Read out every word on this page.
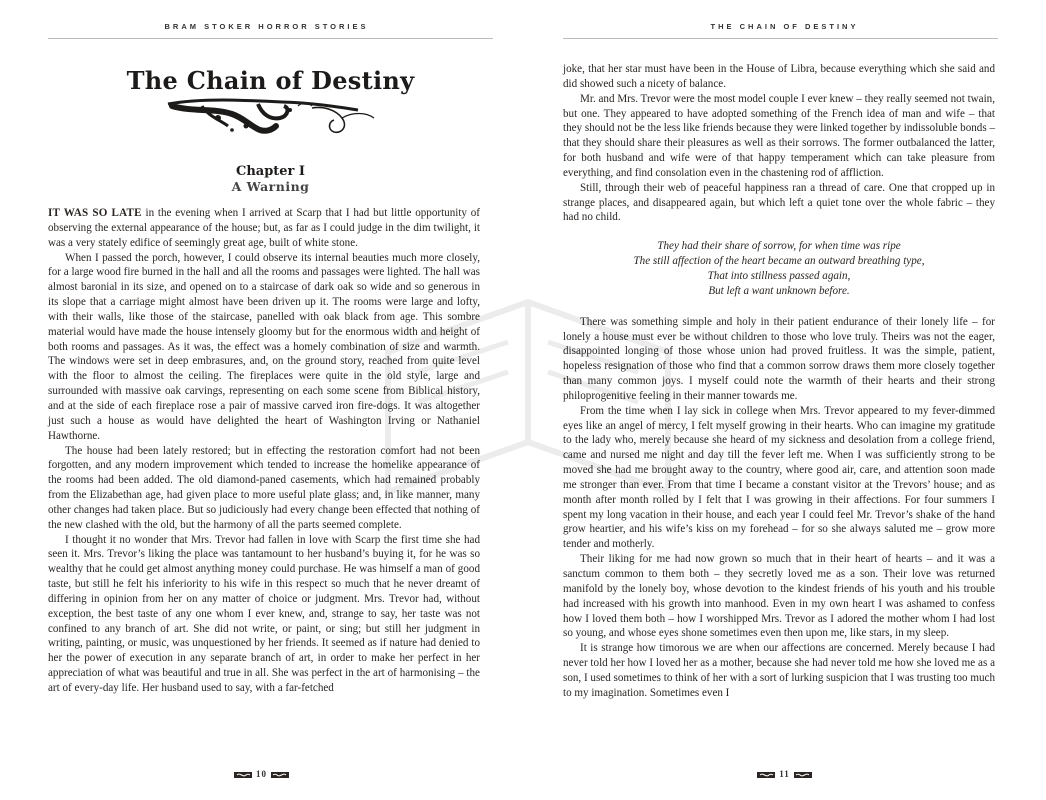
BRAM STOKER HORROR STORIES
The Chain of Destiny
Chapter I
A Warning

IT WAS SO LATE in the evening when I arrived at Scarp that I had but little opportunity of observing the external appearance of the house; but, as far as I could judge in the dim twilight, it was a very stately edifice of seemingly great age, built of white stone.

When I passed the porch, however, I could observe its internal beauties much more closely, for a large wood fire burned in the hall and all the rooms and passages were lighted. The hall was almost baronial in its size, and opened on to a staircase of dark oak so wide and so generous in its slope that a carriage might almost have been driven up it. The rooms were large and lofty, with their walls, like those of the staircase, panelled with oak black from age. This sombre material would have made the house intensely gloomy but for the enormous width and height of both rooms and passages. As it was, the effect was a homely combination of size and warmth. The windows were set in deep embrasures, and, on the ground story, reached from quite level with the floor to almost the ceiling. The fireplaces were quite in the old style, large and surrounded with massive oak carvings, representing on each some scene from Biblical history, and at the side of each fireplace rose a pair of massive carved iron fire-dogs. It was altogether just such a house as would have delighted the heart of Washington Irving or Nathaniel Hawthorne.

The house had been lately restored; but in effecting the restoration comfort had not been forgotten, and any modern improvement which tended to increase the homelike appearance of the rooms had been added. The old diamond-paned casements, which had remained probably from the Elizabethan age, had given place to more useful plate glass; and, in like manner, many other changes had taken place. But so judiciously had every change been effected that nothing of the new clashed with the old, but the harmony of all the parts seemed complete.

I thought it no wonder that Mrs. Trevor had fallen in love with Scarp the first time she had seen it. Mrs. Trevor’s liking the place was tantamount to her husband’s buying it, for he was so wealthy that he could get almost anything money could purchase. He was himself a man of good taste, but still he felt his inferiority to his wife in this respect so much that he never dreamt of differing in opinion from her on any matter of choice or judgment. Mrs. Trevor had, without exception, the best taste of any one whom I ever knew, and, strange to say, her taste was not confined to any branch of art. She did not write, or paint, or sing; but still her judgment in writing, painting, or music, was unquestioned by her friends. It seemed as if nature had denied to her the power of execution in any separate branch of art, in order to make her perfect in her appreciation of what was beautiful and true in all. She was perfect in the art of harmonising – the art of every-day life. Her husband used to say, with a far-fetched

10
THE CHAIN OF DESTINY

joke, that her star must have been in the House of Libra, because everything which she said and did showed such a nicety of balance.

Mr. and Mrs. Trevor were the most model couple I ever knew – they really seemed not twain, but one. They appeared to have adopted something of the French idea of man and wife – that they should not be the less like friends because they were linked together by indissoluble bonds – that they should share their pleasures as well as their sorrows. The former outbalanced the latter, for both husband and wife were of that happy temperament which can take pleasure from everything, and find consolation even in the chastening rod of affliction.

Still, through their web of peaceful happiness ran a thread of care. One that cropped up in strange places, and disappeared again, but which left a quiet tone over the whole fabric – they had no child.

They had their share of sorrow, for when time was ripe
The still affection of the heart became an outward breathing type,
That into stillness passed again,
But left a want unknown before.

There was something simple and holy in their patient endurance of their lonely life – for lonely a house must ever be without children to those who love truly. Theirs was not the eager, disappointed longing of those whose union had proved fruitless. It was the simple, patient, hopeless resignation of those who find that a common sorrow draws them more closely together than many common joys. I myself could note the warmth of their hearts and their strong philoprogenitive feeling in their manner towards me.

From the time when I lay sick in college when Mrs. Trevor appeared to my fever-dimmed eyes like an angel of mercy, I felt myself growing in their hearts. Who can imagine my gratitude to the lady who, merely because she heard of my sickness and desolation from a college friend, came and nursed me night and day till the fever left me. When I was sufficiently strong to be moved she had me brought away to the country, where good air, care, and attention soon made me stronger than ever. From that time I became a constant visitor at the Trevors’ house; and as month after month rolled by I felt that I was growing in their affections. For four summers I spent my long vacation in their house, and each year I could feel Mr. Trevor’s shake of the hand grow heartier, and his wife’s kiss on my forehead – for so she always saluted me – grow more tender and motherly.

Their liking for me had now grown so much that in their heart of hearts – and it was a sanctum common to them both – they secretly loved me as a son. Their love was returned manifold by the lonely boy, whose devotion to the kindest friends of his youth and his trouble had increased with his growth into manhood. Even in my own heart I was ashamed to confess how I loved them both – how I worshipped Mrs. Trevor as I adored the mother whom I had lost so young, and whose eyes shone sometimes even then upon me, like stars, in my sleep.

It is strange how timorous we are when our affections are concerned. Merely because I had never told her how I loved her as a mother, because she had never told me how she loved me as a son, I used sometimes to think of her with a sort of lurking suspicion that I was trusting too much to my imagination. Sometimes even I

11
